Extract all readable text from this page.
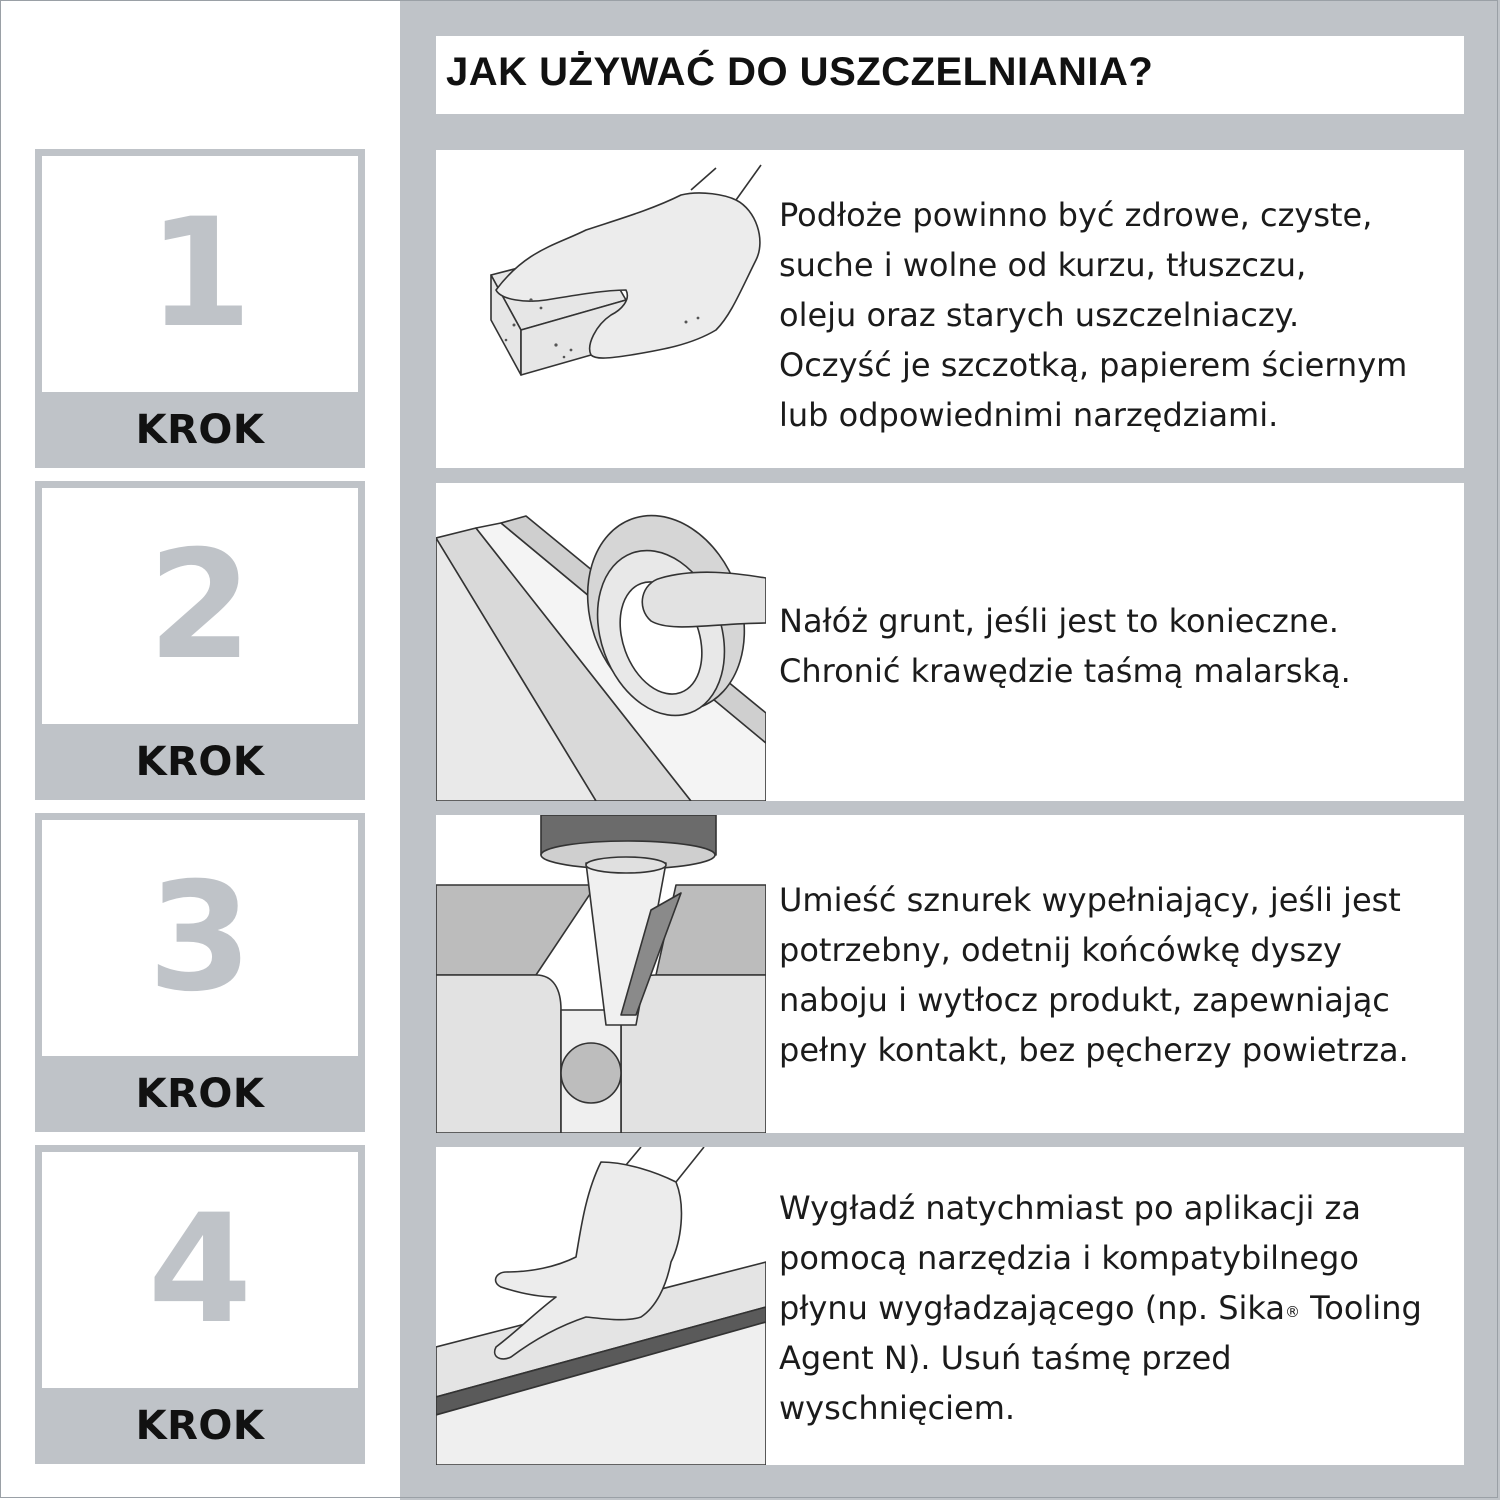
JAK UŻYWAĆ DO USZCZELNIANIA?
1
KROK
2
KROK
3
KROK
4
KROK
Podłoże powinno być zdrowe, czyste,
suche i wolne od kurzu, tłuszczu,
oleju oraz starych uszczelniaczy.
Oczyść je szczotką, papierem ściernym
lub odpowiednimi narzędziami.
Nałóż grunt, jeśli jest to konieczne.
Chronić krawędzie taśmą malarską.
Umieść sznurek wypełniający, jeśli jest
potrzebny, odetnij końcówkę dyszy
naboju i wytłocz produkt, zapewniając
pełny kontakt, bez pęcherzy powietrza.
Wygładź natychmiast po aplikacji za
pomocą narzędzia i kompatybilnego
płynu wygładzającego (np. Sika® Tooling
Agent N). Usuń taśmę przed
wyschnięciem.
